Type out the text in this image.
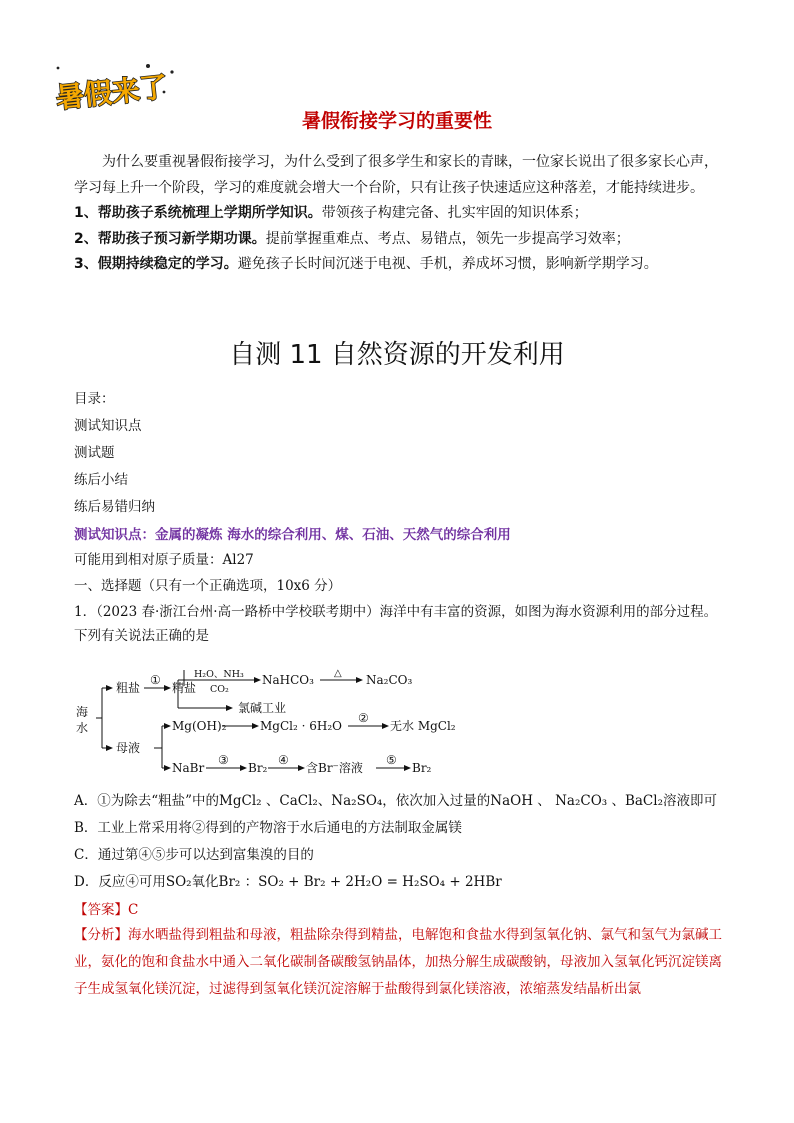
暑假来了
暑假衔接学习的重要性
为什么要重视暑假衔接学习，为什么受到了很多学生和家长的青睐，一位家长说出了很多家长心声，学习每上升一个阶段，学习的难度就会增大一个台阶，只有让孩子快速适应这种落差，才能持续进步。
1、帮助孩子系统梳理上学期所学知识。带领孩子构建完备、扎实牢固的知识体系；
2、帮助孩子预习新学期功课。提前掌握重难点、考点、易错点，领先一步提高学习效率；
3、假期持续稳定的学习。避免孩子长时间沉迷于电视、手机，养成坏习惯，影响新学期学习。
自测 11 自然资源的开发利用
目录：
测试知识点
测试题
练后小结
练后易错归纳
测试知识点：金属的凝炼 海水的综合利用、煤、石油、天然气的综合利用
可能用到相对原子质量：Al27
一、选择题（只有一个正确选项，10x6 分）
1．（2023 春·浙江台州·高一路桥中学校联考期中）海洋中有丰富的资源，如图为海水资源利用的部分过程。
下列有关说法正确的是
海
水
粗盐
①
精盐
H₂O、NH₃
CO₂
NaHCO₃ △ Na₂CO₃
氯碱工业
母液
Mg(OH)₂	MgCl₂ · 6H₂O
②
无水 MgCl₂
NaBr
③
Br₂
④
含Br⁻溶液
⑤
Br₂
A．①为除去“粗盐”中的MgCl₂ 、CaCl₂、Na₂SO₄，依次加入过量的NaOH 、 Na₂CO₃ 、BaCl₂溶液即可
B．工业上常采用将②得到的产物溶于水后通电的方法制取金属镁
C．通过第④⑤步可以达到富集溴的目的
D．反应④可用SO₂氧化Br₂ ：SO₂ + Br₂ + 2H₂O = H₂SO₄ + 2HBr
【答案】C
【分析】海水晒盐得到粗盐和母液，粗盐除杂得到精盐，电解饱和食盐水得到氢氧化钠、氯气和氢气为氯碱工业，氨化的饱和食盐水中通入二氧化碳制备碳酸氢钠晶体，加热分解生成碳酸钠，母液加入氢氧化钙沉淀镁离子生成氢氧化镁沉淀，过滤得到氢氧化镁沉淀溶解于盐酸得到氯化镁溶液，浓缩蒸发结晶析出氯
